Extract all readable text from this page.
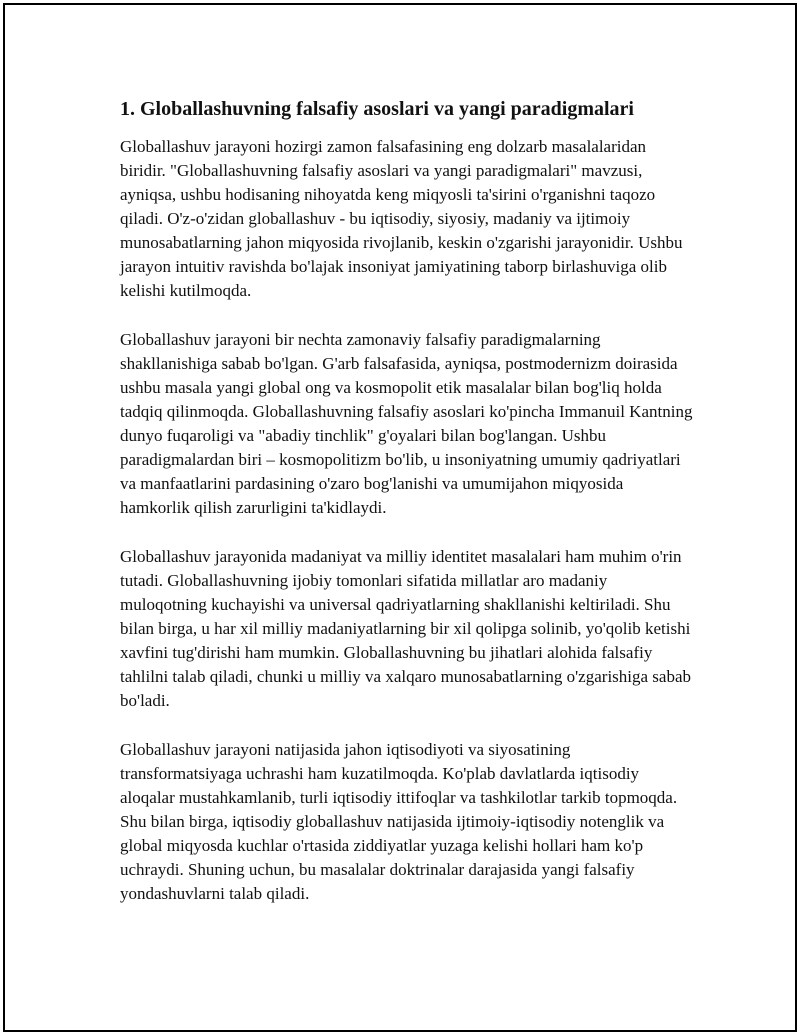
1. Globallashuvning falsafiy asoslari va yangi paradigmalari

Globallashuv jarayoni hozirgi zamon falsafasining eng dolzarb masalalaridan biridir. "Globallashuvning falsafiy asoslari va yangi paradigmalari" mavzusi, ayniqsa, ushbu hodisaning nihoyatda keng miqyosli ta'sirini o'rganishni taqozo qiladi. O'z-o'zidan globallashuv - bu iqtisodiy, siyosiy, madaniy va ijtimoiy munosabatlarning jahon miqyosida rivojlanib, keskin o'zgarishi jarayonidir. Ushbu jarayon intuitiv ravishda bo'lajak insoniyat jamiyatining taborp birlashuviga olib kelishi kutilmoqda.

Globallashuv jarayoni bir nechta zamonaviy falsafiy paradigmalarning shakllanishiga sabab bo'lgan. G'arb falsafasida, ayniqsa, postmodernizm doirasida ushbu masala yangi global ong va kosmopolit etik masalalar bilan bog'liq holda tadqiq qilinmoqda. Globallashuvning falsafiy asoslari ko'pincha Immanuil Kantning dunyo fuqaroligi va "abadiy tinchlik" g'oyalari bilan bog'langan. Ushbu paradigmalardan biri – kosmopolitizm bo'lib, u insoniyatning umumiy qadriyatlari va manfaatlarini pardasining o'zaro bog'lanishi va umumijahon miqyosida hamkorlik qilish zarurligini ta'kidlaydi.

Globallashuv jarayonida madaniyat va milliy identitet masalalari ham muhim o'rin tutadi. Globallashuvning ijobiy tomonlari sifatida millatlar aro madaniy muloqotning kuchayishi va universal qadriyatlarning shakllanishi keltiriladi. Shu bilan birga, u har xil milliy madaniyatlarning bir xil qolipga solinib, yo'qolib ketishi xavfini tug'dirishi ham mumkin. Globallashuvning bu jihatlari alohida falsafiy tahlilni talab qiladi, chunki u milliy va xalqaro munosabatlarning o'zgarishiga sabab bo'ladi.

Globallashuv jarayoni natijasida jahon iqtisodiyoti va siyosatining transformatsiyaga uchrashi ham kuzatilmoqda. Ko'plab davlatlarda iqtisodiy aloqalar mustahkamlanib, turli iqtisodiy ittifoqlar va tashkilotlar tarkib topmoqda. Shu bilan birga, iqtisodiy globallashuv natijasida ijtimoiy-iqtisodiy notenglik va global miqyosda kuchlar o'rtasida ziddiyatlar yuzaga kelishi hollari ham ko'p uchraydi. Shuning uchun, bu masalalar doktrinalar darajasida yangi falsafiy yondashuvlarni talab qiladi.
